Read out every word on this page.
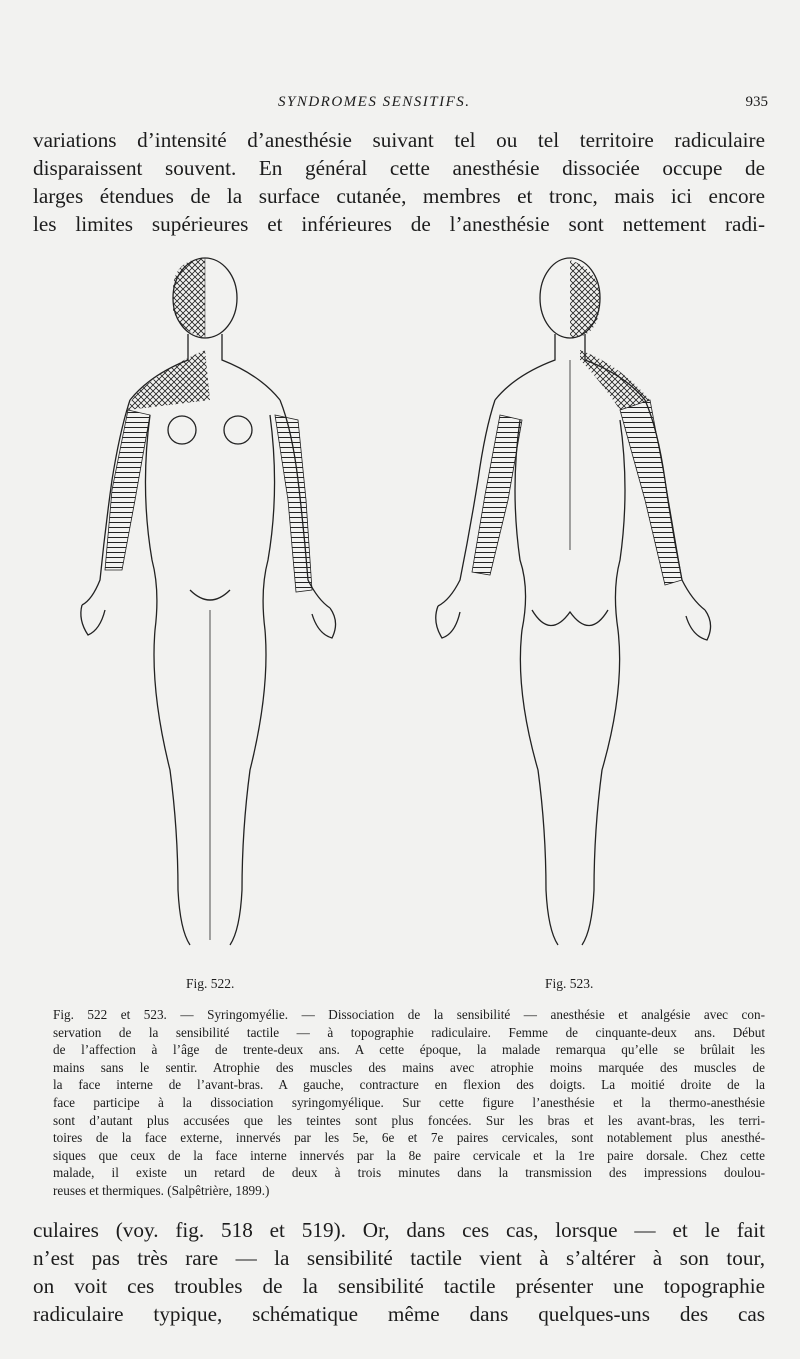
SYNDROMES SENSITIFS.	935
variations d’intensité d’anesthésie suivant tel ou tel territoire radiculaire
disparaissent souvent. En général cette anesthésie dissociée occupe de
larges étendues de la surface cutanée, membres et tronc, mais ici encore
les limites supérieures et inférieures de l’anesthésie sont nettement radi-
Fig. 522.	Fig. 523.
Fig. 522 et 523. — Syringomyélie. — Dissociation de la sensibilité — anesthésie et analgésie avec con-
servation de la sensibilité tactile — à topographie radiculaire. Femme de cinquante-deux ans. Début
de l’affection à l’âge de trente-deux ans. A cette époque, la malade remarqua qu’elle se brûlait les
mains sans le sentir. Atrophie des muscles des mains avec atrophie moins marquée des muscles de
la face interne de l’avant-bras. A gauche, contracture en flexion des doigts. La moitié droite de la
face participe à la dissociation syringomyélique. Sur cette figure l’anesthésie et la thermo-anesthésie
sont d’autant plus accusées que les teintes sont plus foncées. Sur les bras et les avant-bras, les terri-
toires de la face externe, innervés par les 5e, 6e et 7e paires cervicales, sont notablement plus anesthé-
siques que ceux de la face interne innervés par la 8e paire cervicale et la 1re paire dorsale. Chez cette
malade, il existe un retard de deux à trois minutes dans la transmission des impressions doulou-
reuses et thermiques. (Salpêtrière, 1899.)
culaires (voy. fig. 518 et 519). Or, dans ces cas, lorsque — et le fait
n’est pas très rare — la sensibilité tactile vient à s’altérer à son tour,
on voit ces troubles de la sensibilité tactile présenter une topographie
radiculaire typique, schématique même dans quelques-uns des cas
